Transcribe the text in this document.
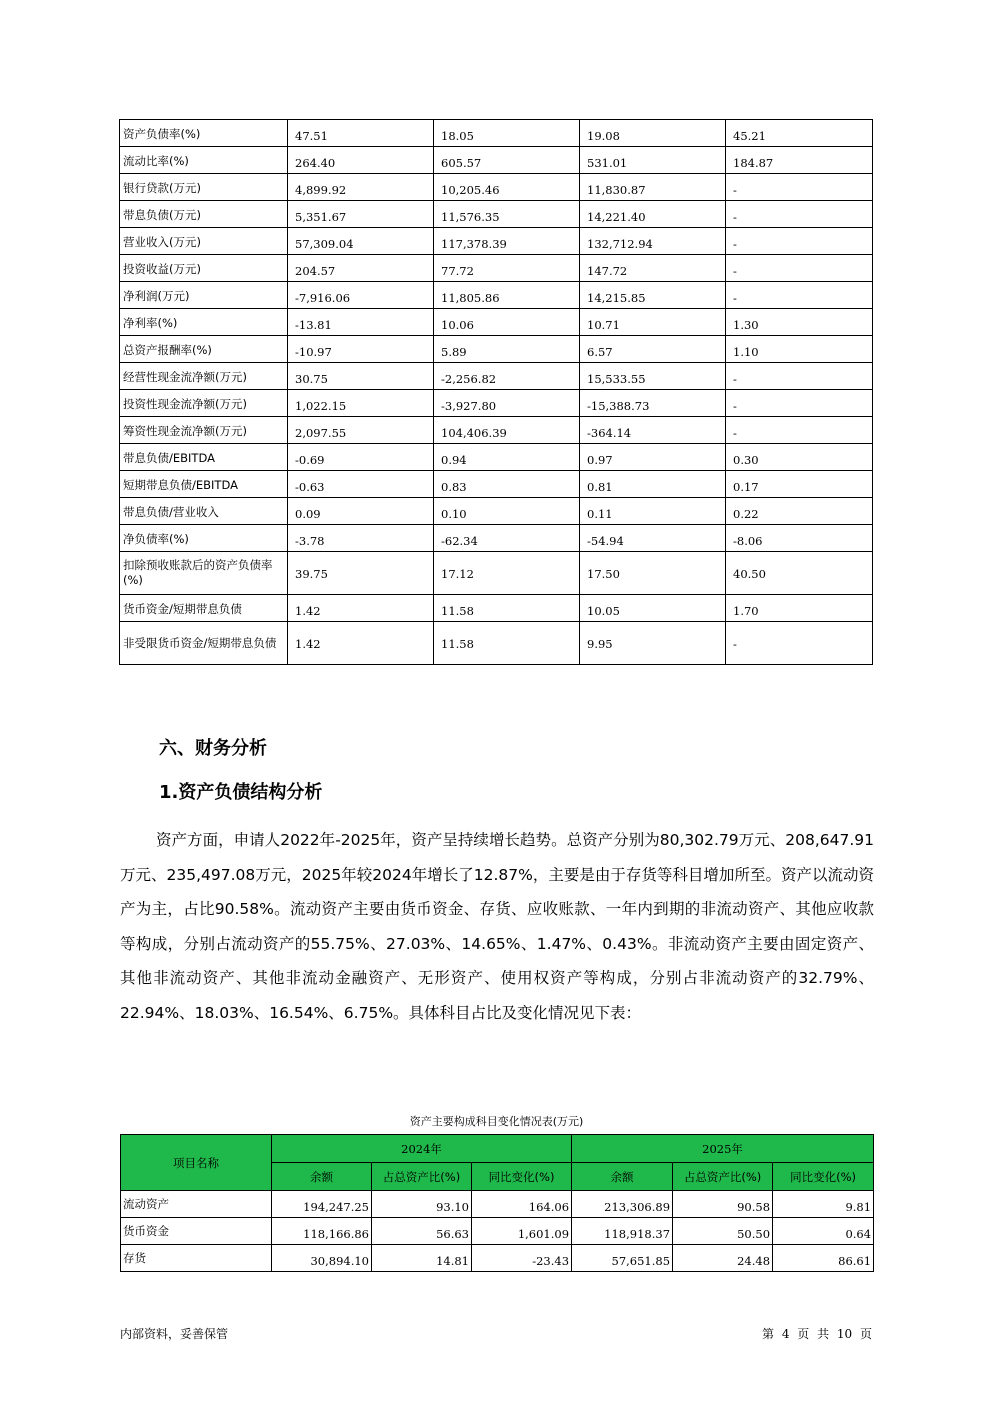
资产负债率(%)	47.51	18.05	19.08	45.21
流动比率(%)	264.40	605.57	531.01	184.87
银行贷款(万元)	4,899.92	10,205.46	11,830.87	-
带息负债(万元)	5,351.67	11,576.35	14,221.40	-
营业收入(万元)	57,309.04	117,378.39	132,712.94	-
投资收益(万元)	204.57	77.72	147.72	-
净利润(万元)	-7,916.06	11,805.86	14,215.85	-
净利率(%)	-13.81	10.06	10.71	1.30
总资产报酬率(%)	-10.97	5.89	6.57	1.10
经营性现金流净额(万元)	30.75	-2,256.82	15,533.55	-
投资性现金流净额(万元)	1,022.15	-3,927.80	-15,388.73	-
筹资性现金流净额(万元)	2,097.55	104,406.39	-364.14	-
带息负债/EBITDA	-0.69	0.94	0.97	0.30
短期带息负债/EBITDA	-0.63	0.83	0.81	0.17
带息负债/营业收入	0.09	0.10	0.11	0.22
净负债率(%)	-3.78	-62.34	-54.94	-8.06
扣除预收账款后的资产负债率(%)	39.75	17.12	17.50	40.50
货币资金/短期带息负债	1.42	11.58	10.05	1.70
非受限货币资金/短期带息负债	1.42	11.58	9.95	-
六、财务分析
1.资产负债结构分析

资产方面，申请人2022年-2025年，资产呈持续增长趋势。总资产分别为80,302.79万元、208,647.91万元、235,497.08万元，2025年较2024年增长了12.87%，主要是由于存货等科目增加所至。资产以流动资产为主，占比90.58%。流动资产主要由货币资金、存货、应收账款、一年内到期的非流动资产、其他应收款等构成，分别占流动资产的55.75%、27.03%、14.65%、1.47%、0.43%。非流动资产主要由固定资产、其他非流动资产、其他非流动金融资产、无形资产、使用权资产等构成，分别占非流动资产的32.79%、22.94%、18.03%、16.54%、6.75%。具体科目占比及变化情况见下表：

资产主要构成科目变化情况表(万元)
项目名称	2024年			2025年		
	余额	占总资产比(%)	同比变化(%)	余额	占总资产比(%)	同比变化(%)
流动资产	194,247.25	93.10	164.06	213,306.89	90.58	9.81
货币资金	118,166.86	56.63	1,601.09	118,918.37	50.50	0.64
存货	30,894.10	14.81	-23.43	57,651.85	24.48	86.61
内部资料，妥善保管	第 4 页 共 10 页
